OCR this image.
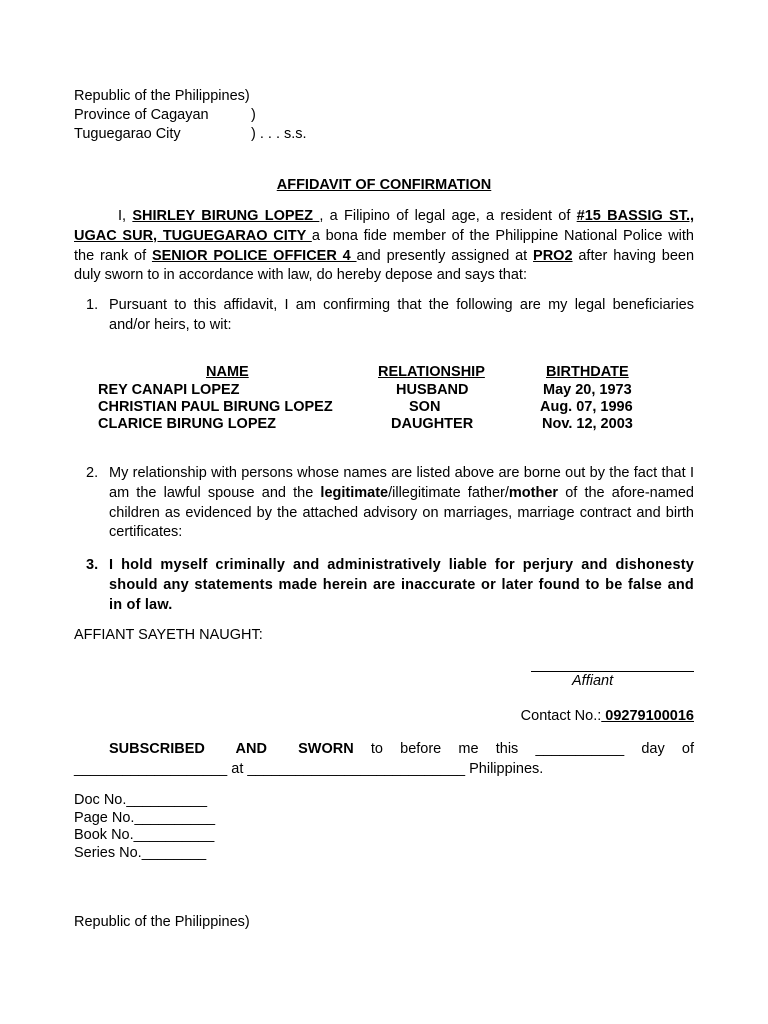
Republic of the Philippines)
Province of Cagayan	)
Tuguegarao City	) . . . s.s.
AFFIDAVIT OF CONFIRMATION
I, SHIRLEY BIRUNG LOPEZ , a Filipino of legal age, a resident of #15 BASSIG ST., UGAC SUR, TUGUEGARAO CITY a bona fide member of the Philippine National Police with the rank of SENIOR POLICE OFFICER 4 and presently assigned at PRO2 after having been duly sworn to in accordance with law, do hereby depose and says that:
1. Pursuant to this affidavit, I am confirming that the following are my legal beneficiaries and/or heirs, to wit:
NAME	RELATIONSHIP	BIRTHDATE
REY CANAPI LOPEZ	HUSBAND	May 20, 1973
CHRISTIAN PAUL BIRUNG LOPEZ	SON	Aug. 07, 1996
CLARICE BIRUNG LOPEZ	DAUGHTER	Nov. 12, 2003
2. My relationship with persons whose names are listed above are borne out by the fact that I am the lawful spouse and the legitimate/illegitimate father/mother of the afore-named children as evidenced by the attached advisory on marriages, marriage contract and birth certificates:
3. I hold myself criminally and administratively liable for perjury and dishonesty should any statements made herein are inaccurate or later found to be false and in of law.
AFFIANT SAYETH NAUGHT:
Affiant
Contact No.: 09279100016
SUBSCRIBED AND SWORN to before me this ___________ day of ___________________ at ___________________________ Philippines.
Doc No.__________
Page No.__________
Book No.__________
Series No.________
Republic of the Philippines)
